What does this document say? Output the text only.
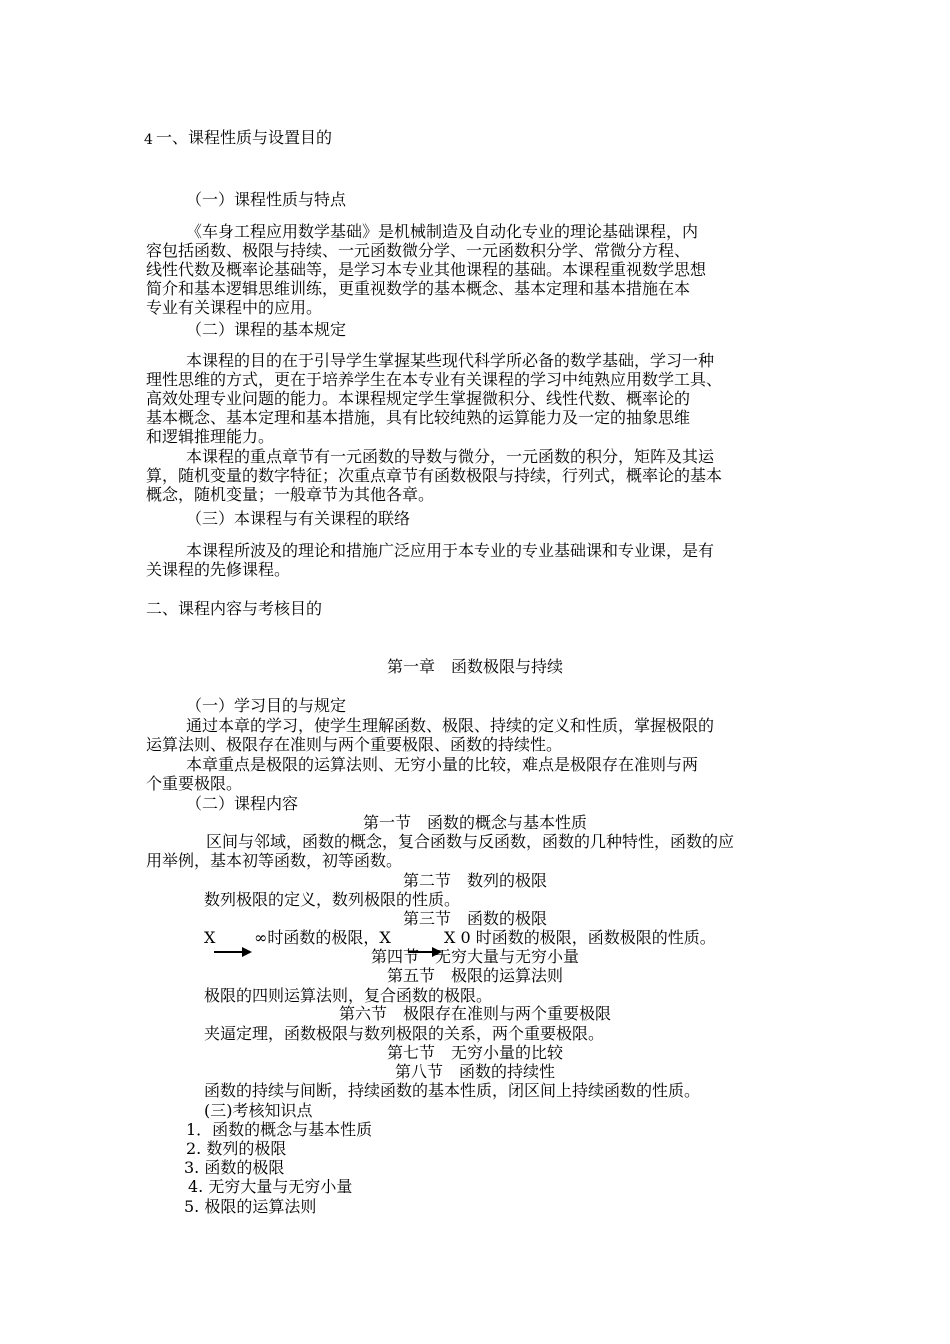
4 一、课程性质与设置目的
（一）课程性质与特点
《车身工程应用数学基础》是机械制造及自动化专业的理论基础课程，内
容包括函数、极限与持续、一元函数微分学、一元函数积分学、常微分方程、
线性代数及概率论基础等，是学习本专业其他课程的基础。本课程重视数学思想
简介和基本逻辑思维训练，更重视数学的基本概念、基本定理和基本措施在本
专业有关课程中的应用。
（二）课程的基本规定
本课程的目的在于引导学生掌握某些现代科学所必备的数学基础，学习一种
理性思维的方式，更在于培养学生在本专业有关课程的学习中纯熟应用数学工具、
高效处理专业问题的能力。本课程规定学生掌握微积分、线性代数、概率论的
基本概念、基本定理和基本措施，具有比较纯熟的运算能力及一定的抽象思维
和逻辑推理能力。
本课程的重点章节有一元函数的导数与微分，一元函数的积分，矩阵及其运
算，随机变量的数字特征；次重点章节有函数极限与持续，行列式，概率论的基本
概念，随机变量；一般章节为其他各章。
（三）本课程与有关课程的联络
本课程所波及的理论和措施广泛应用于本专业的专业基础课和专业课，是有
关课程的先修课程。
二、课程内容与考核目的
第一章　函数极限与持续
（一）学习目的与规定
通过本章的学习，使学生理解函数、极限、持续的定义和性质，掌握极限的
运算法则、极限存在准则与两个重要极限、函数的持续性。
本章重点是极限的运算法则、无穷小量的比较，难点是极限存在准则与两
个重要极限。
（二）课程内容
第一节　函数的概念与基本性质
区间与邻域，函数的概念，复合函数与反函数，函数的几种特性，函数的应
用举例，基本初等函数，初等函数。
第二节　数列的极限
数列极限的定义，数列极限的性质。
第三节　函数的极限
X ∞时函数的极限，X	X 0 时函数的极限，函数极限的性质。
第四节　无穷大量与无穷小量
第五节　极限的运算法则
极限的四则运算法则，复合函数的极限。
第六节　极限存在准则与两个重要极限
夹逼定理，函数极限与数列极限的关系，两个重要极限。
第七节　无穷小量的比较
第八节　函数的持续性
函数的持续与间断，持续函数的基本性质，闭区间上持续函数的性质。
(三)考核知识点
1．函数的概念与基本性质
2. 数列的极限
3. 函数的极限
4. 无穷大量与无穷小量
5. 极限的运算法则
